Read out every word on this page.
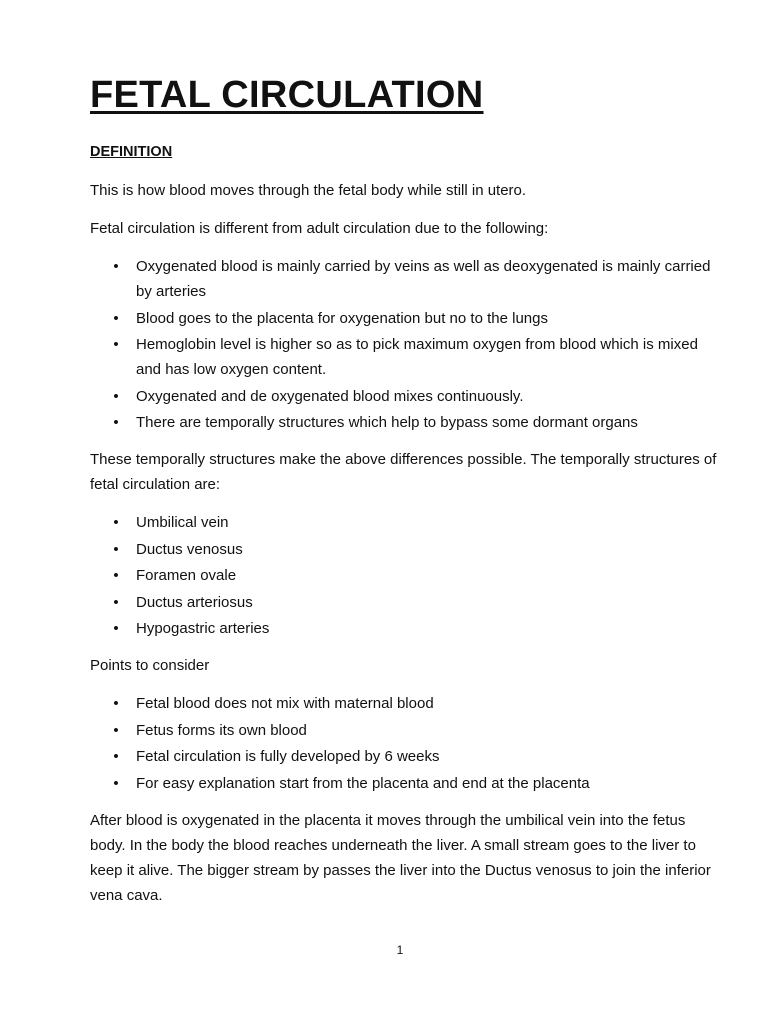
FETAL CIRCULATION
DEFINITION

This is how blood moves through the fetal body while still in utero.

Fetal circulation is different from adult circulation due to the following:

• Oxygenated blood is mainly carried by veins as well as deoxygenated is mainly carried by arteries
• Blood goes to the placenta for oxygenation but no to the lungs
• Hemoglobin level is higher so as to pick maximum oxygen from blood which is mixed and has low oxygen content.
• Oxygenated and de oxygenated blood mixes continuously.
• There are temporally structures which help to bypass some dormant organs

These temporally structures make the above differences possible. The temporally structures of fetal circulation are:

• Umbilical vein
• Ductus venosus
• Foramen ovale
• Ductus arteriosus
• Hypogastric arteries

Points to consider

• Fetal blood does not mix with maternal blood
• Fetus forms its own blood
• Fetal circulation is fully developed by 6 weeks
• For easy explanation start from the placenta and end at the placenta

After blood is oxygenated in the placenta it moves through the umbilical vein into the fetus body. In the body the blood reaches underneath the liver. A small stream goes to the liver to keep it alive. The bigger stream by passes the liver into the Ductus venosus to join the inferior vena cava.

1
